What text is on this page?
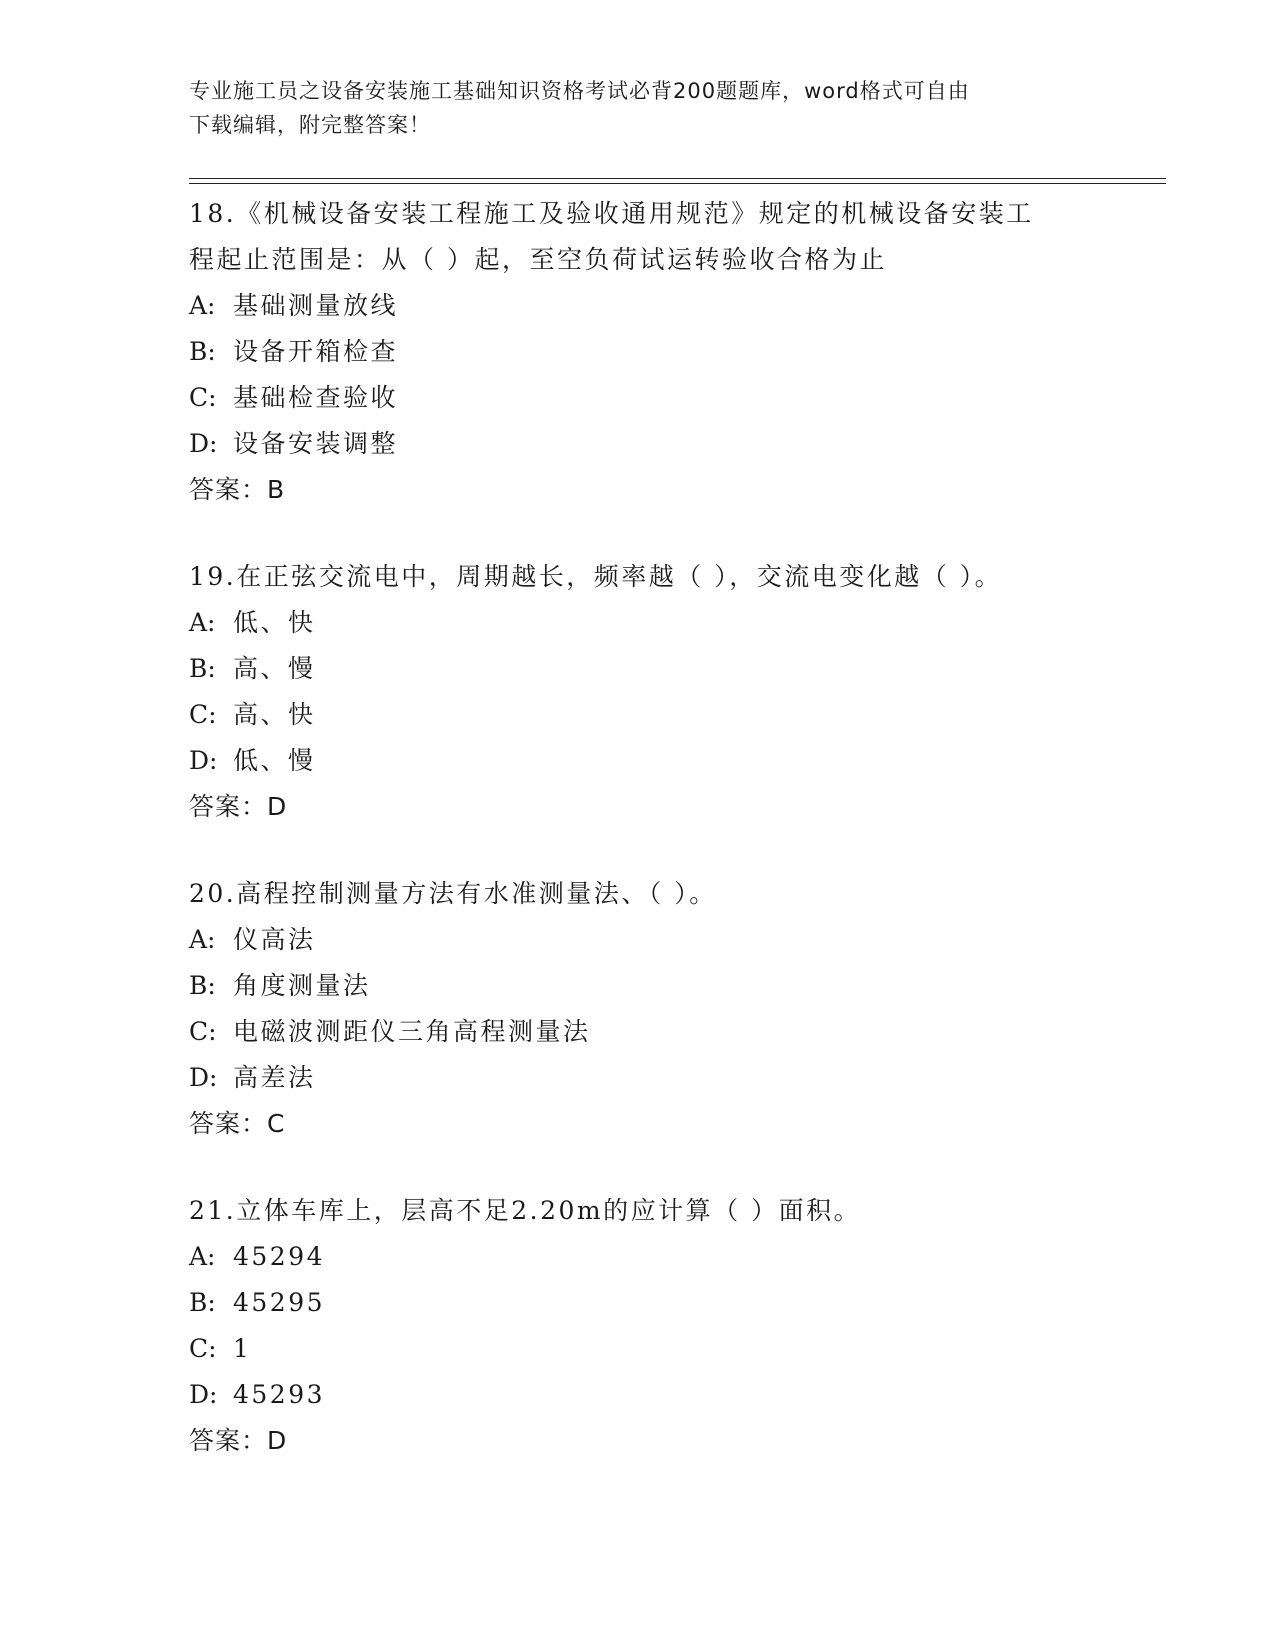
专业施工员之设备安装施工基础知识资格考试必背200题题库，word格式可自由
下载编辑，附完整答案！
18.《机械设备安装工程施工及验收通用规范》规定的机械设备安装工
程起止范围是：从（ ）起，至空负荷试运转验收合格为止
A: 基础测量放线
B: 设备开箱检查
C: 基础检查验收
D: 设备安装调整
答案：B
19.在正弦交流电中，周期越长，频率越（ ），交流电变化越（ ）。
A: 低、快
B: 高、慢
C: 高、快
D: 低、慢
答案：D
20.高程控制测量方法有水准测量法、（ ）。
A: 仪高法
B: 角度测量法
C: 电磁波测距仪三角高程测量法
D: 高差法
答案：C
21.立体车库上，层高不足2.20m的应计算（ ）面积。
A: 45294
B: 45295
C: 1
D: 45293
答案：D
